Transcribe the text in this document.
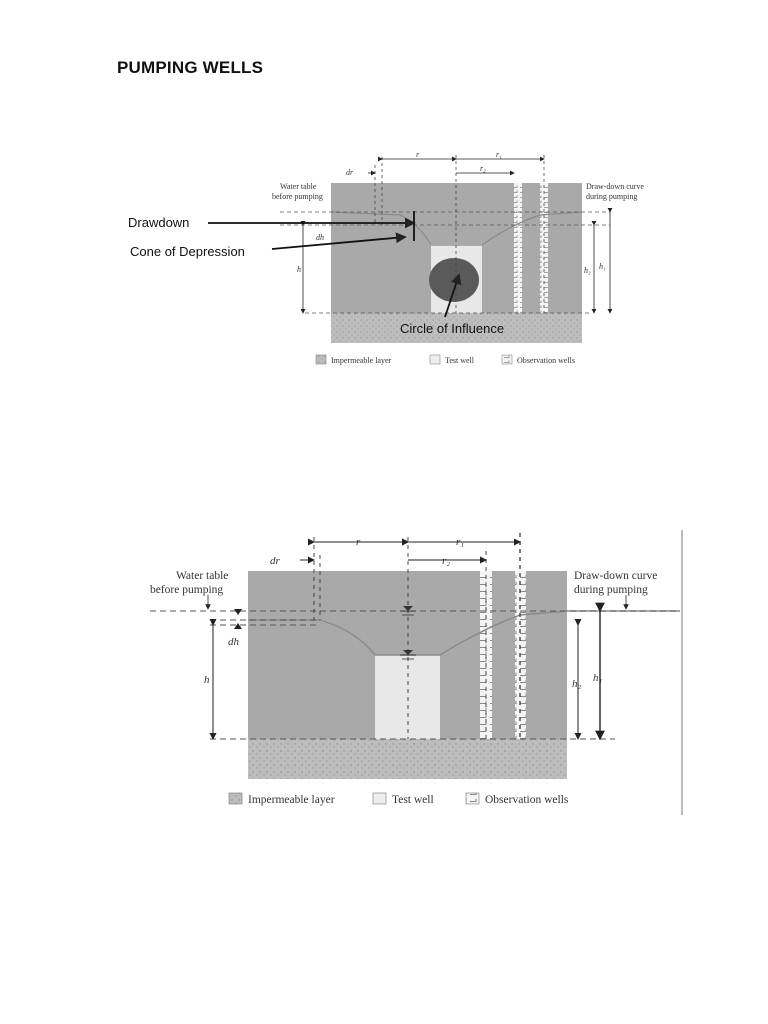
PUMPING WELLS
r	r₁
r₂
dr
h	h₂ h₁
dh
Water table
before pumping
Draw-down curve
during pumping
Drawdown
Cone of Depression
Circle of Influence
Impermeable layer	Test well	Observation wells
r	r₁
r₂
dr
dh
h	h₂ h₁
Water table
before pumping
Draw-down curve
during pumping
Impermeable layer	Test well	Observation wells
